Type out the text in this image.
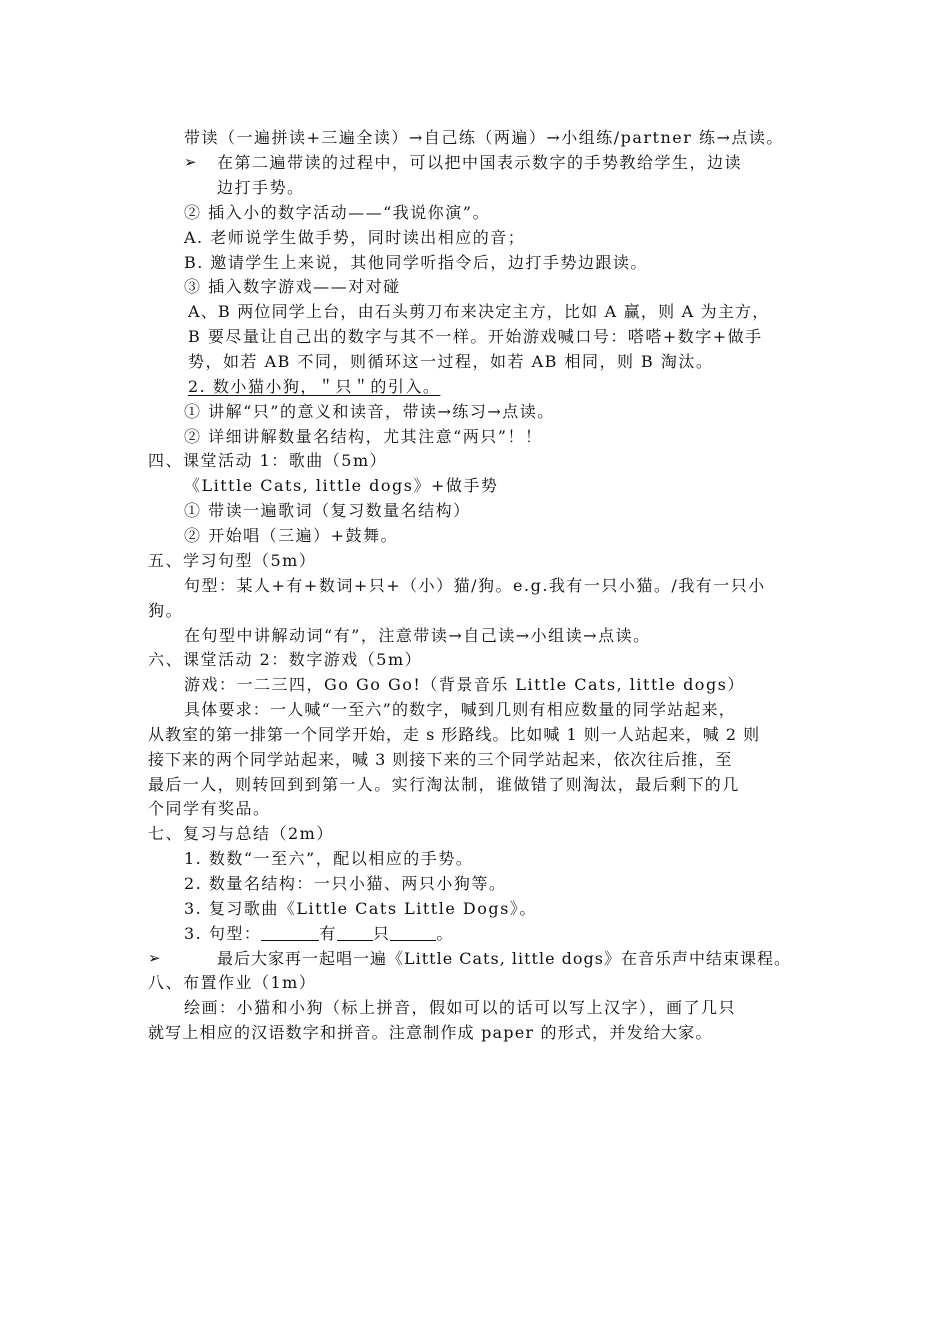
带读（一遍拼读+三遍全读）→自己练（两遍）→小组练/partner 练→点读。

➢ 在第二遍带读的过程中，可以把中国表示数字的手势教给学生，边读

边打手势。

② 插入小的数字活动——“我说你演”。

A. 老师说学生做手势，同时读出相应的音；

B. 邀请学生上来说，其他同学听指令后，边打手势边跟读。

③ 插入数字游戏——对对碰

A、B 两位同学上台，由石头剪刀布来决定主方，比如 A 赢，则 A 为主方，

B 要尽量让自己出的数字与其不一样。开始游戏喊口号：嗒嗒+数字+做手

势，如若 AB 不同，则循环这一过程，如若 AB 相同，则 B 淘汰。

2. 数小猫小狗，＂只＂的引入。

① 讲解“只”的意义和读音，带读→练习→点读。

② 详细讲解数量名结构，尤其注意“两只”！！

四、课堂活动 1：歌曲（5m）

《Little Cats, little dogs》+做手势

① 带读一遍歌词（复习数量名结构）

② 开始唱（三遍）+鼓舞。

五、学习句型（5m）

句型：某人+有+数词+只+（小）猫/狗。e.g.我有一只小猫。/我有一只小

狗。

在句型中讲解动词“有”，注意带读→自己读→小组读→点读。

六、课堂活动 2：数字游戏（5m）

游戏：一二三四，Go Go Go!（背景音乐 Little Cats, little dogs）

具体要求：一人喊“一至六”的数字，喊到几则有相应数量的同学站起来，

从教室的第一排第一个同学开始，走 s 形路线。比如喊 1 则一人站起来，喊 2 则

接下来的两个同学站起来，喊 3 则接下来的三个同学站起来，依次往后推，至

最后一人，则转回到到第一人。实行淘汰制，谁做错了则淘汰，最后剩下的几

个同学有奖品。

七、复习与总结（2m）

1. 数数“一至六”，配以相应的手势。

2. 数量名结构：一只小猫、两只小狗等。

3. 复习歌曲《Little Cats Little Dogs》。

3. 句型：	有 只	。

➢	最后大家再一起唱一遍《Little Cats, little dogs》在音乐声中结束课程。

八、布置作业（1m）

绘画：小猫和小狗（标上拼音，假如可以的话可以写上汉字），画了几只

就写上相应的汉语数字和拼音。注意制作成 paper 的形式，并发给大家。
